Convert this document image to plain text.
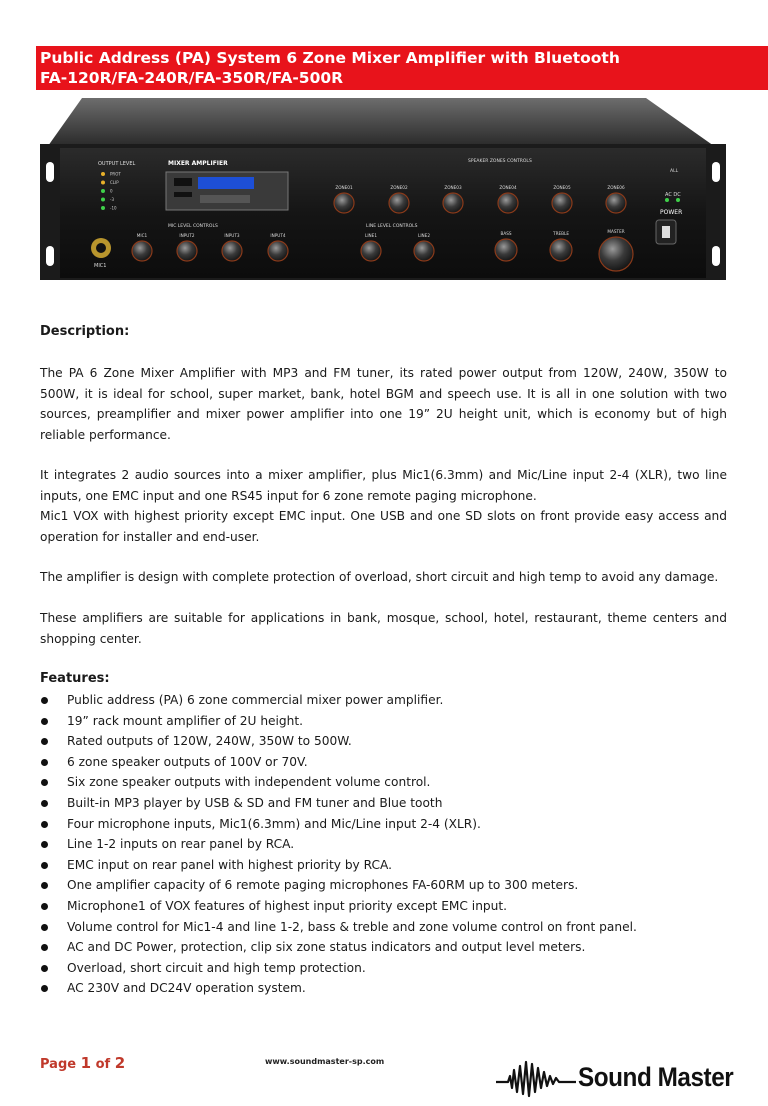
Public Address (PA) System 6 Zone Mixer Amplifier with Bluetooth
FA-120R/FA-240R/FA-350R/FA-500R
OUTPUT LEVEL	MIXER AMPLIFIER	SPEAKER ZONES CONTROLS
MIC LEVEL CONTROLS	LINE LEVEL CONTROLS
POWER
MIC1
AC DC
PROT
CLIP
0
-3
-10
ZONE01	ZONE02	ZONE03	ZONE04	ZONE05	ZONE06
ALL
MIC1	INPUT2	INPUT3	INPUT4	LINE1	LINE2	BASS	TREBLE	MASTER
Description:
The PA 6 Zone Mixer Amplifier with MP3 and FM tuner, its rated power output from 120W, 240W, 350W to 500W, it is ideal for school, super market, bank, hotel BGM and speech use. It is all in one solution with two sources, preamplifier and mixer power amplifier into one 19” 2U height unit, which is economy but of high reliable performance.
It integrates 2 audio sources into a mixer amplifier, plus Mic1(6.3mm) and Mic/Line input 2-4 (XLR), two line inputs, one EMC input and one RS45 input for 6 zone remote paging microphone.
Mic1 VOX with highest priority except EMC input. One USB and one SD slots on front provide easy access and operation for installer and end-user.
The amplifier is design with complete protection of overload, short circuit and high temp to avoid any damage.
These amplifiers are suitable for applications in bank, mosque, school, hotel, restaurant, theme centers and shopping center.
Features:
Public address (PA) 6 zone commercial mixer power amplifier.
19” rack mount amplifier of 2U height.
Rated outputs of 120W, 240W, 350W to 500W.
6 zone speaker outputs of 100V or 70V.
Six zone speaker outputs with independent volume control.
Built-in MP3 player by USB & SD and FM tuner and Blue tooth
Four microphone inputs, Mic1(6.3mm) and Mic/Line input 2-4 (XLR).
Line 1-2 inputs on rear panel by RCA.
EMC input on rear panel with highest priority by RCA.
One amplifier capacity of 6 remote paging microphones FA-60RM up to 300 meters.
Microphone1 of VOX features of highest input priority except EMC input.
Volume control for Mic1-4 and line 1-2, bass & treble and zone volume control on front panel.
AC and DC Power, protection, clip six zone status indicators and output level meters.
Overload, short circuit and high temp protection.
AC 230V and DC24V operation system.
Page 1 of 2	www.soundmaster-sp.com
Sound Master
